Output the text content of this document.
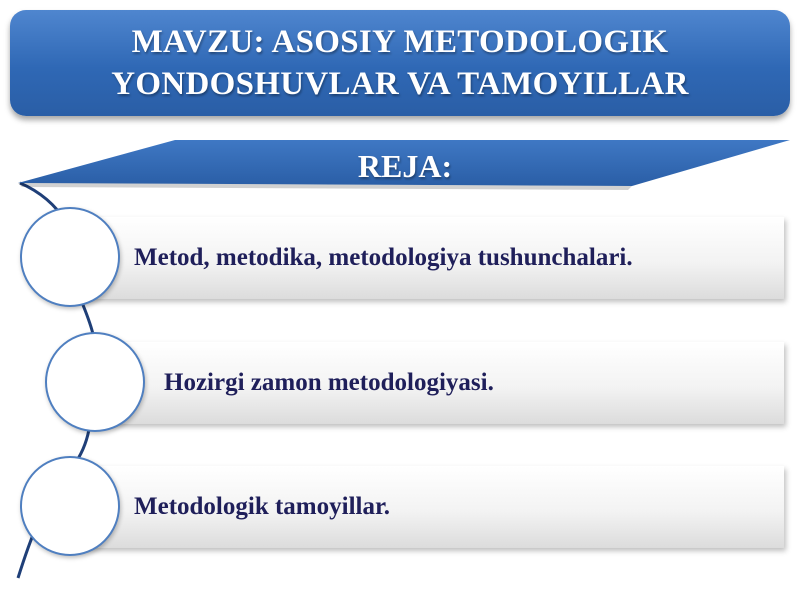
MAVZU: ASOSIY METODOLOGIK
YONDOSHUVLAR VA TAMOYILLAR
REJA:
Metod, metodika, metodologiya tushunchalari.
Hozirgi zamon metodologiyasi.
Metodologik tamoyillar.
